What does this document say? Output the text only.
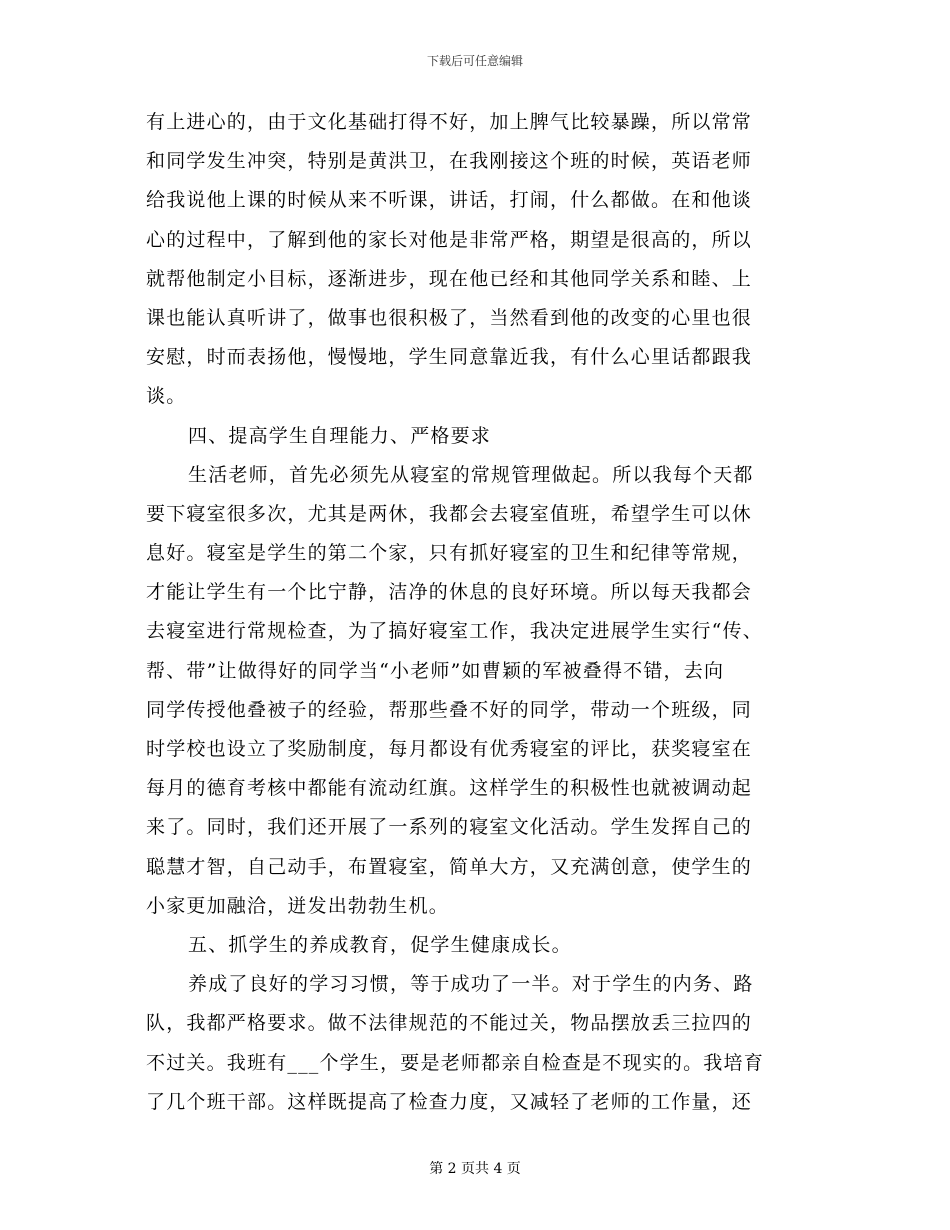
下载后可任意编辑
有上进心的，由于文化基础打得不好，加上脾气比较暴躁，所以常常
和同学发生冲突，特别是黄洪卫，在我刚接这个班的时候，英语老师
给我说他上课的时候从来不听课，讲话，打闹，什么都做。在和他谈
心的过程中，了解到他的家长对他是非常严格，期望是很高的，所以
就帮他制定小目标，逐渐进步，现在他已经和其他同学关系和睦、上
课也能认真听讲了，做事也很积极了，当然看到他的改变的心里也很
安慰，时而表扬他，慢慢地，学生同意靠近我，有什么心里话都跟我
谈。
四、提高学生自理能力、严格要求
生活老师，首先必须先从寝室的常规管理做起。所以我每个天都
要下寝室很多次，尤其是两休，我都会去寝室值班，希望学生可以休
息好。寝室是学生的第二个家，只有抓好寝室的卫生和纪律等常规，
才能让学生有一个比宁静，洁净的休息的良好环境。所以每天我都会
去寝室进行常规检查，为了搞好寝室工作，我决定进展学生实行“传、
帮、带”让做得好的同学当“小老师”如曹颖的军被叠得不错，去向
同学传授他叠被子的经验，帮那些叠不好的同学，带动一个班级，同
时学校也设立了奖励制度，每月都设有优秀寝室的评比，获奖寝室在
每月的德育考核中都能有流动红旗。这样学生的积极性也就被调动起
来了。同时，我们还开展了一系列的寝室文化活动。学生发挥自己的
聪慧才智，自己动手，布置寝室，简单大方，又充满创意，使学生的
小家更加融洽，迸发出勃勃生机。
五、抓学生的养成教育，促学生健康成长。
养成了良好的学习习惯，等于成功了一半。对于学生的内务、路
队，我都严格要求。做不法律规范的不能过关，物品摆放丢三拉四的
不过关。我班有___个学生，要是老师都亲自检查是不现实的。我培育
了几个班干部。这样既提高了检查力度，又减轻了老师的工作量，还
第 2 页共 4 页
